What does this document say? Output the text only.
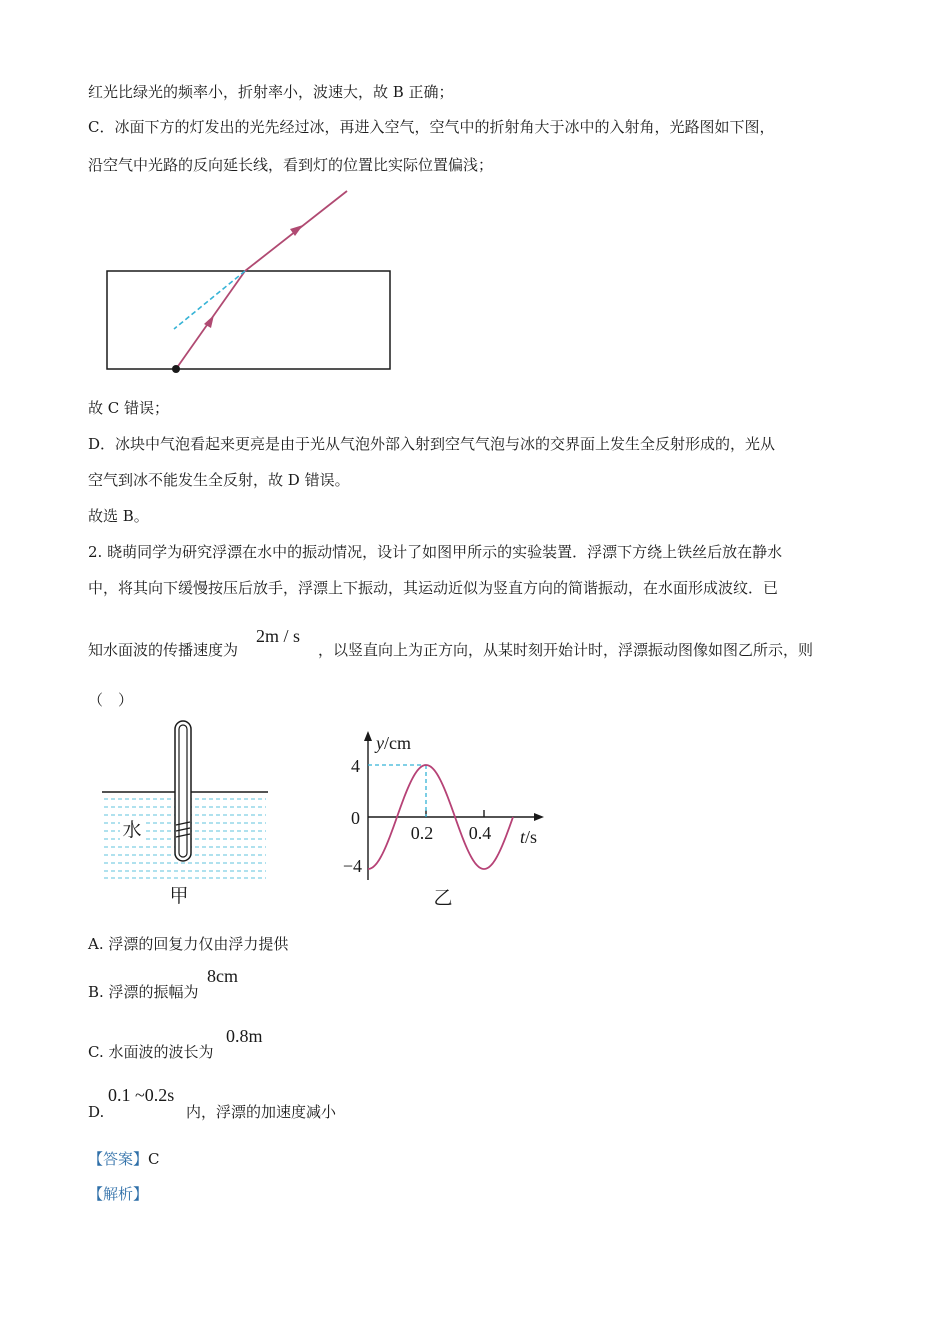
红光比绿光的频率小，折射率小，波速大，故 B 正确；
C．冰面下方的灯发出的光先经过冰，再进入空气，空气中的折射角大于冰中的入射角，光路图如下图，
沿空气中光路的反向延长线，看到灯的位置比实际位置偏浅；
故 C 错误；
D．冰块中气泡看起来更亮是由于光从气泡外部入射到空气气泡与冰的交界面上发生全反射形成的，光从
空气到冰不能发生全反射，故 D 错误。
故选 B。
2. 晓萌同学为研究浮漂在水中的振动情况，设计了如图甲所示的实验装置．浮漂下方绕上铁丝后放在静水
中，将其向下缓慢按压后放手，浮漂上下振动，其运动近似为竖直方向的简谐振动，在水面形成波纹．已
知水面波的传播速度为
2m / s
，以竖直向上为正方向，从某时刻开始计时，浮漂振动图像如图乙所示，则
（　）
水
甲
y/cm
t/s
4
0
−4
0.2 0.4
乙
A. 浮漂的回复力仅由浮力提供
B. 浮漂的振幅为
8cm
C. 水面波的波长为
0.8m
D.
0.1 ~0.2s
内，浮漂的加速度减小
【答案】C
【解析】
